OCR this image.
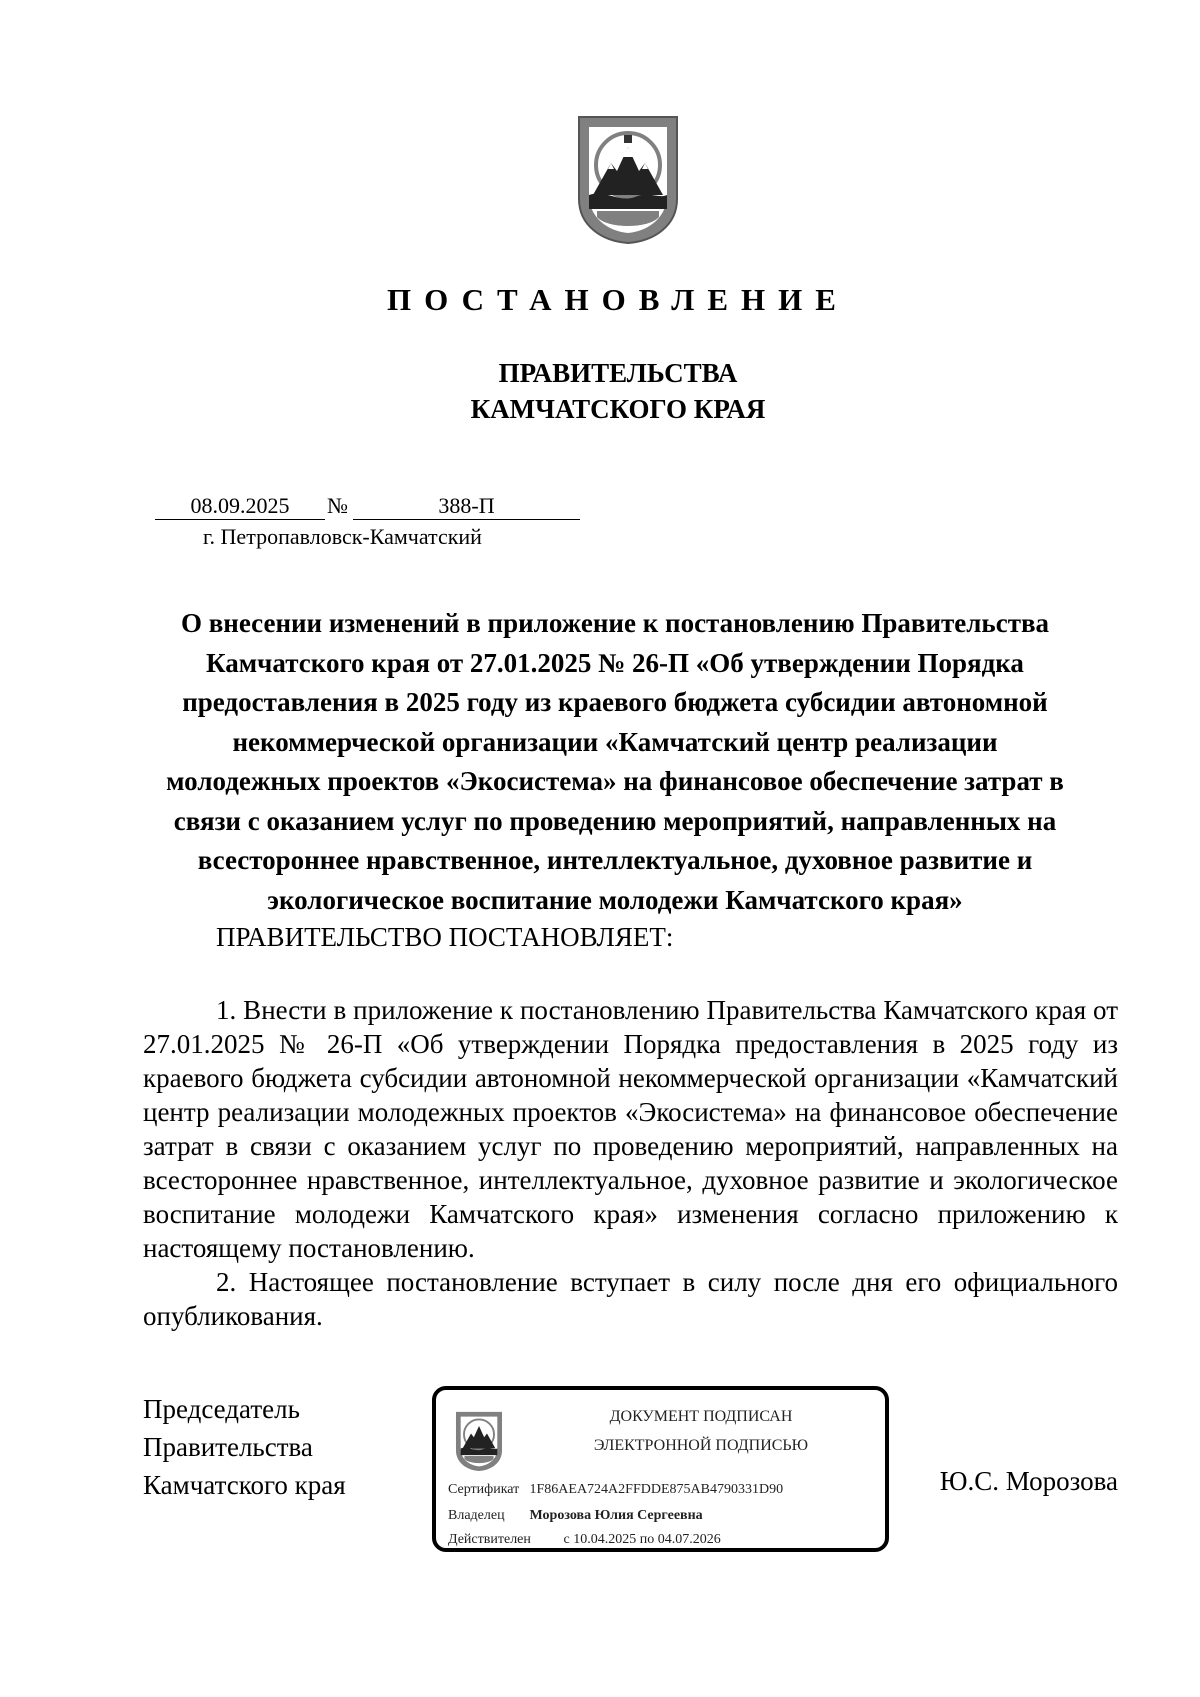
ПОСТАНОВЛЕНИЕ
ПРАВИТЕЛЬСТВА
КАМЧАТСКОГО КРАЯ
08.09.2025	№	388-П
г. Петропавловск-Камчатский
О внесении изменений в приложение к постановлению Правительства
Камчатского края от 27.01.2025 № 26-П «Об утверждении Порядка
предоставления в 2025 году из краевого бюджета субсидии автономной
некоммерческой организации «Камчатский центр реализации
молодежных проектов «Экосистема» на финансовое обеспечение затрат в
связи с оказанием услуг по проведению мероприятий, направленных на
всестороннее нравственное, интеллектуальное, духовное развитие и
экологическое воспитание молодежи Камчатского края»
ПРАВИТЕЛЬСТВО ПОСТАНОВЛЯЕТ:

1. Внести в приложение к постановлению Правительства Камчатского края от 27.01.2025 № 26-П «Об утверждении Порядка предоставления в 2025 году из краевого бюджета субсидии автономной некоммерческой организации «Камчатский центр реализации молодежных проектов «Экосистема» на финансовое обеспечение затрат в связи с оказанием услуг по проведению мероприятий, направленных на всестороннее нравственное, интеллектуальное, духовное развитие и экологическое воспитание молодежи Камчатского края» изменения согласно приложению к настоящему постановлению.

2. Настоящее постановление вступает в силу после дня его официального опубликования.

Председатель
Правительства
Камчатского края
ДОКУМЕНТ ПОДПИСАН
ЭЛЕКТРОННОЙ ПОДПИСЬЮ
Сертификат 1F86AEA724A2FFDDE875AB4790331D90
Владелец Морозова Юлия Сергеевна
Действителен с 10.04.2025 по 04.07.2026
Ю.С. Морозова
